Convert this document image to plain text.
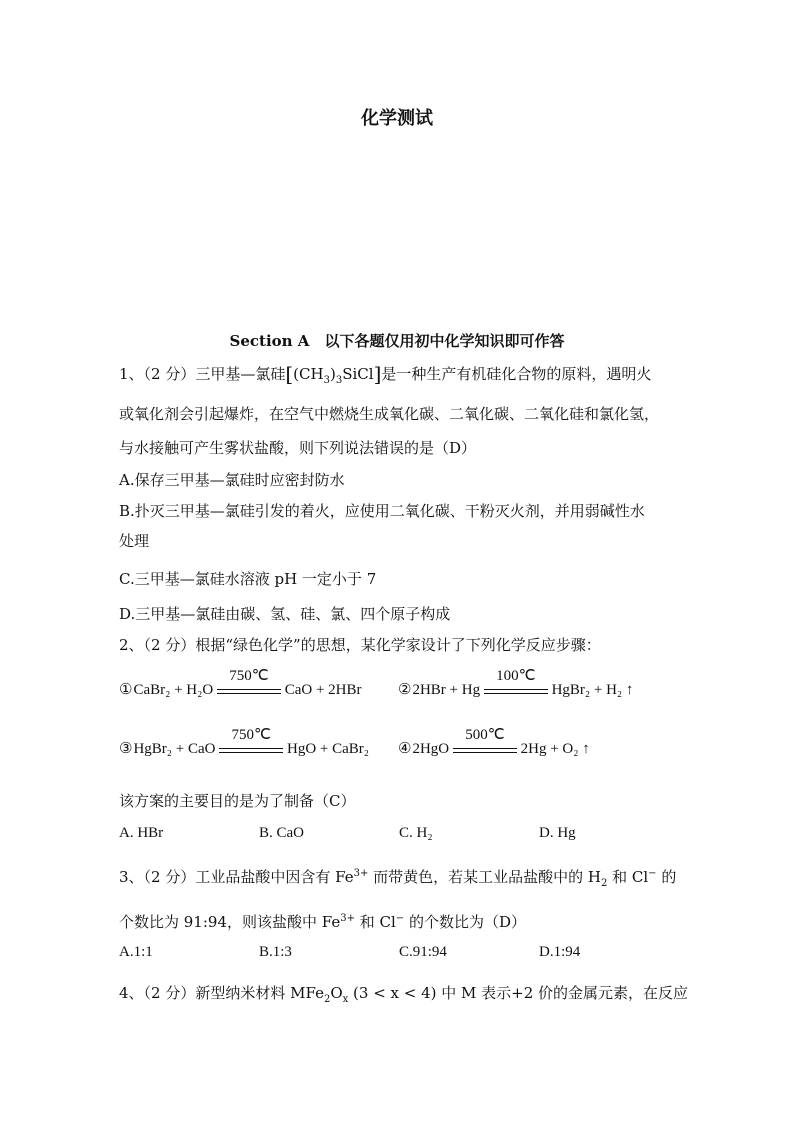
化学测试
Section A　以下各题仅用初中化学知识即可作答
1、（2 分）三甲基—氯硅$[(CH_3)_3SiCl]$是一种生产有机硅化合物的原料，遇明火
或氧化剂会引起爆炸，在空气中燃烧生成氧化碳、二氧化碳、二氧化硅和氯化氢，
与水接触可产生雾状盐酸，则下列说法错误的是（D）
A.保存三甲基—氯硅时应密封防水
B.扑灭三甲基—氯硅引发的着火，应使用二氧化碳、干粉灭火剂，并用弱碱性水
处理
C.三甲基—氯硅水溶液 pH 一定小于 7
D.三甲基—氯硅由碳、氢、硅、氯、四个原子构成
2、（2 分）根据“绿色化学”的思想，某化学家设计了下列化学反应步骤：
①CaBr₂ + H₂O
750℃
CaO + 2HBr ②2HBr + Hg
100℃
HgBr₂ + H₂ ↑
③HgBr₂ + CaO
750℃
HgO + CaBr₂ ④2HgO
500℃
2Hg + O₂ ↑
该方案的主要目的是为了制备（C）
A. HBr	B. CaO	C. H₂	D. Hg
3、（2 分）工业品盐酸中因含有 $Fe^{3+}$ 而带黄色，若某工业品盐酸中的 $H_2$ 和 Cl− 的
个数比为 91:94，则该盐酸中 $Fe^{3+}$ 和 Cl− 的个数比为（D）
A.1:1	B.1:3	C.91:94	D.1:94
4、（2 分）新型纳米材料 $MFe_2O_x$ (3 < x < 4) 中 M 表示+2 价的金属元素，在反应
